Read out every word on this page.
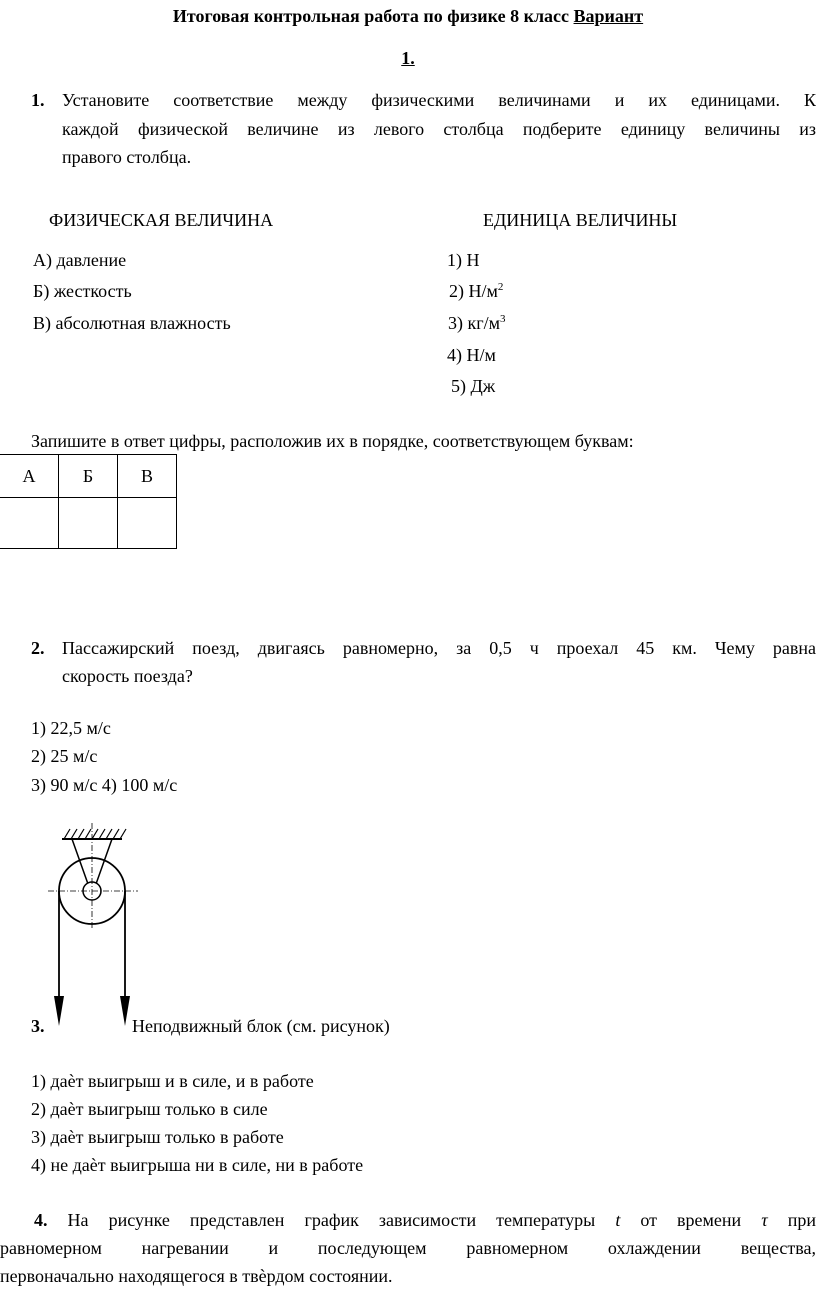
Итоговая контрольная работа по физике 8 класс Вариант
1.
1. Установите соответствие между физическими величинами и их единицами. К
каждой физической величине из левого столбца подберите единицу величины из
правого столбца.
ФИЗИЧЕСКАЯ ВЕЛИЧИНА	ЕДИНИЦА ВЕЛИЧИНЫ
А) давление
Б) жесткость
В) абсолютная влажность
1) Н
2) $Н/м^2$
3) $кг/м^3$
4) Н/м
5) Дж
Запишите в ответ цифры, расположив их в порядке, соответствующем буквам:
А	Б	В

2. Пассажирский поезд, двигаясь равномерно, за 0,5 ч проехал 45 км. Чему равна
скорость поезда?
1) 22,5 м/с
2) 25 м/с
3) 90 м/с 4) 100 м/с
3.	Неподвижный блок (см. рисунок)
1) даѐт выигрыш и в силе, и в работе
2) даѐт выигрыш только в силе
3) даѐт выигрыш только в работе
4) не даѐт выигрыша ни в силе, ни в работе
4. На рисунке представлен график зависимости температуры t от времени τ при
равномерном нагревании и последующем равномерном охлаждении вещества,
первоначально находящегося в твѐрдом состоянии.
